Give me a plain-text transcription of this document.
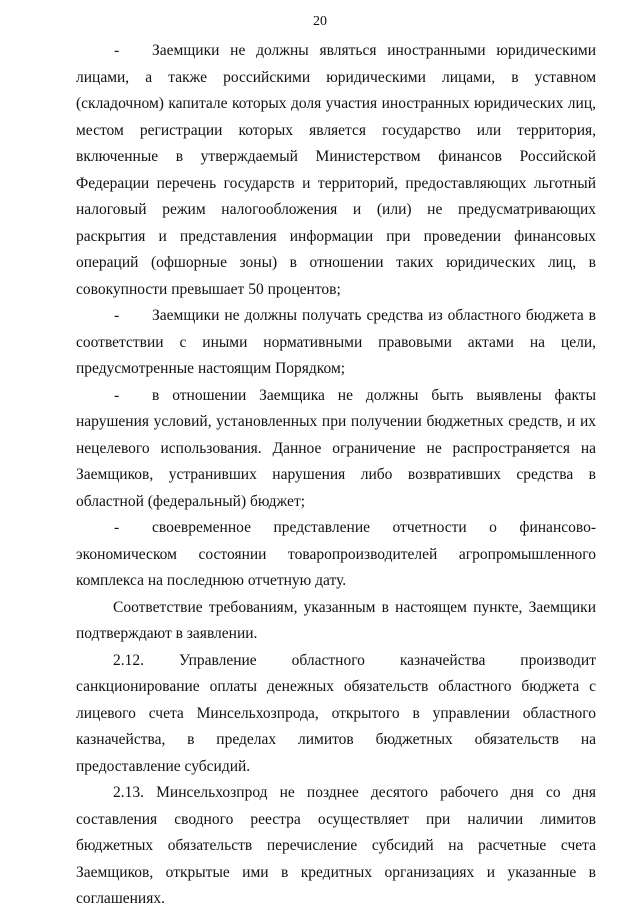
20

- Заемщики не должны являться иностранными юридическими лицами, а также российскими юридическими лицами, в уставном (складочном) капитале которых доля участия иностранных юридических лиц, местом регистрации которых является государство или территория, включенные в утверждаемый Министерством финансов Российской Федерации перечень государств и территорий, предоставляющих льготный налоговый режим налогообложения и (или) не предусматривающих раскрытия и представления информации при проведении финансовых операций (офшорные зоны) в отношении таких юридических лиц, в совокупности превышает 50 процентов;

- Заемщики не должны получать средства из областного бюджета в соответствии с иными нормативными правовыми актами на цели, предусмотренные настоящим Порядком;

- в отношении Заемщика не должны быть выявлены факты нарушения условий, установленных при получении бюджетных средств, и их нецелевого использования. Данное ограничение не распространяется на Заемщиков, устранивших нарушения либо возвративших средства в областной (федеральный) бюджет;

- своевременное представление отчетности о финансово-экономическом состоянии товаропроизводителей агропромышленного комплекса на последнюю отчетную дату.

Соответствие требованиям, указанным в настоящем пункте, Заемщики подтверждают в заявлении.

2.12. Управление областного казначейства производит санкционирование оплаты денежных обязательств областного бюджета с лицевого счета Минсельхозпрода, открытого в управлении областного казначейства, в пределах лимитов бюджетных обязательств на предоставление субсидий.

2.13. Минсельхозпрод не позднее десятого рабочего дня со дня составления сводного реестра осуществляет при наличии лимитов бюджетных обязательств перечисление субсидий на расчетные счета Заемщиков, открытые ими в кредитных организациях и указанные в соглашениях.
